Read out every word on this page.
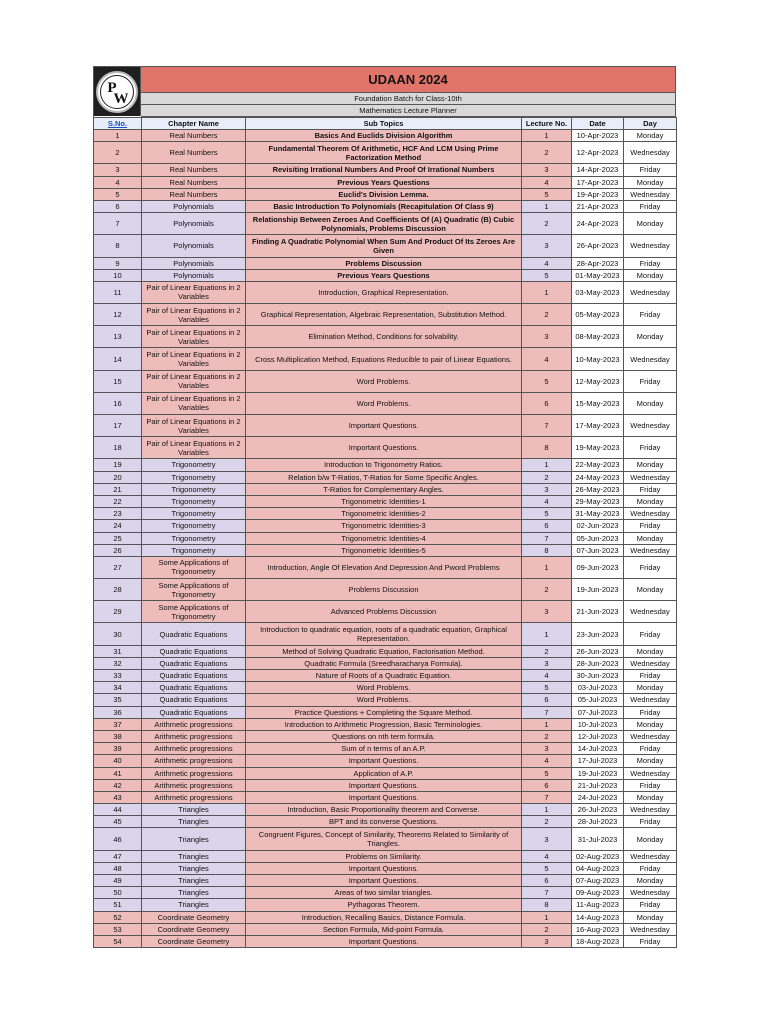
P
W
UDAAN 2024
Foundation Batch for Class-10th
Mathematics Lecture Planner
S.No.	Chapter Name	Sub Topics	Lecture No.	Date	Day
1	Real Numbers	Basics And Euclids Division Algorithm	1	10-Apr-2023	Monday
2	Real Numbers	Fundamental Theorem Of Arithmetic, HCF And LCM Using Prime Factorization Method	2	12-Apr-2023	Wednesday
3	Real Numbers	Revisiting Irrational Numbers And Proof Of Irrational Numbers	3	14-Apr-2023	Friday
4	Real Numbers	Previous Years Questions	4	17-Apr-2023	Monday
5	Real Numbers	Euclid's Division Lemma.	5	19-Apr-2023	Wednesday
6	Polynomials	Basic Introduction To Polynomials (Recapitulation Of Class 9)	1	21-Apr-2023	Friday
7	Polynomials	Relationship Between Zeroes And Coefficients Of (A) Quadratic (B) Cubic Polynomials, Problems Discussion	2	24-Apr-2023	Monday
8	Polynomials	Finding A Quadratic Polynomial When Sum And Product Of Its Zeroes Are Given	3	26-Apr-2023	Wednesday
9	Polynomials	Problems Discussion	4	28-Apr-2023	Friday
10	Polynomials	Previous Years Questions	5	01-May-2023	Monday
11	Pair of Linear Equations in 2 Variables	Introduction, Graphical Representation.	1	03-May-2023	Wednesday
12	Pair of Linear Equations in 2 Variables	Graphical Representation, Algebraic Representation, Substitution Method.	2	05-May-2023	Friday
13	Pair of Linear Equations in 2 Variables	Elimination Method, Conditions for solvability.	3	08-May-2023	Monday
14	Pair of Linear Equations in 2 Variables	Cross Multiplication Method, Equations Reducible to pair of Linear Equations.	4	10-May-2023	Wednesday
15	Pair of Linear Equations in 2 Variables	Word Problems.	5	12-May-2023	Friday
16	Pair of Linear Equations in 2 Variables	Word Problems.	6	15-May-2023	Monday
17	Pair of Linear Equations in 2 Variables	Important Questions.	7	17-May-2023	Wednesday
18	Pair of Linear Equations in 2 Variables	Important Questions.	8	19-May-2023	Friday
19	Trigonometry	Introduction to Trigonometry Ratios.	1	22-May-2023	Monday
20	Trigonometry	Relation b/w T-Ratios, T-Ratios for Some Specific Angles.	2	24-May-2023	Wednesday
21	Trigonometry	T-Ratios for Complementary Angles.	3	26-May-2023	Friday
22	Trigonometry	Trigonometric Identities-1	4	29-May-2023	Monday
23	Trigonometry	Trigonometric Identities-2	5	31-May-2023	Wednesday
24	Trigonometry	Trigonometric Identities-3	6	02-Jun-2023	Friday
25	Trigonometry	Trigonometric Identities-4	7	05-Jun-2023	Monday
26	Trigonometry	Trigonometric Identities-5	8	07-Jun-2023	Wednesday
27	Some Applications of Trigonometry	Introduction, Angle Of Elevation And Depression And Pword Problems	1	09-Jun-2023	Friday
28	Some Applications of Trigonometry	Problems Discussion	2	19-Jun-2023	Monday
29	Some Applications of Trigonometry	Advanced Problems Discussion	3	21-Jun-2023	Wednesday
30	Quadratic Equations	Introduction to quadratic equation, roots of a quadratic equation, Graphical Representation.	1	23-Jun-2023	Friday
31	Quadratic Equations	Method of Solving Quadratic Equation, Factorisation Method.	2	26-Jun-2023	Monday
32	Quadratic Equations	Quadratic Formula (Sreedharacharya Formula).	3	28-Jun-2023	Wednesday
33	Quadratic Equations	Nature of Roots of a Quadratic Equation.	4	30-Jun-2023	Friday
34	Quadratic Equations	Word Problems.	5	03-Jul-2023	Monday
35	Quadratic Equations	Word Problems.	6	05-Jul-2023	Wednesday
36	Quadratic Equations	Practice Questions + Completing the Square Method.	7	07-Jul-2023	Friday
37	Arithmetic progressions	Introduction to Arithmetic Progression, Basic Terminologies.	1	10-Jul-2023	Monday
38	Arithmetic progressions	Questions on nth term formula.	2	12-Jul-2023	Wednesday
39	Arithmetic progressions	Sum of n terms of an A.P.	3	14-Jul-2023	Friday
40	Arithmetic progressions	Important Questions.	4	17-Jul-2023	Monday
41	Arithmetic progressions	Application of A.P.	5	19-Jul-2023	Wednesday
42	Arithmetic progressions	Important Questions.	6	21-Jul-2023	Friday
43	Arithmetic progressions	Important Questions.	7	24-Jul-2023	Monday
44	Triangles	Introduction, Basic Proportionality theorem and Converse.	1	26-Jul-2023	Wednesday
45	Triangles	BPT and its converse Questions.	2	28-Jul-2023	Friday
46	Triangles	Congruent Figures, Concept of Similarity, Theorems Related to Similarity of Triangles.	3	31-Jul-2023	Monday
47	Triangles	Problems on Similarity.	4	02-Aug-2023	Wednesday
48	Triangles	Important Questions.	5	04-Aug-2023	Friday
49	Triangles	Important Questions.	6	07-Aug-2023	Monday
50	Triangles	Areas of two similar triangles.	7	09-Aug-2023	Wednesday
51	Triangles	Pythagoras Theorem.	8	11-Aug-2023	Friday
52	Coordinate Geometry	Introduction, Recalling Basics, Distance Formula.	1	14-Aug-2023	Monday
53	Coordinate Geometry	Section Formula, Mid-point Formula.	2	16-Aug-2023	Wednesday
54	Coordinate Geometry	Important Questions.	3	18-Aug-2023	Friday
